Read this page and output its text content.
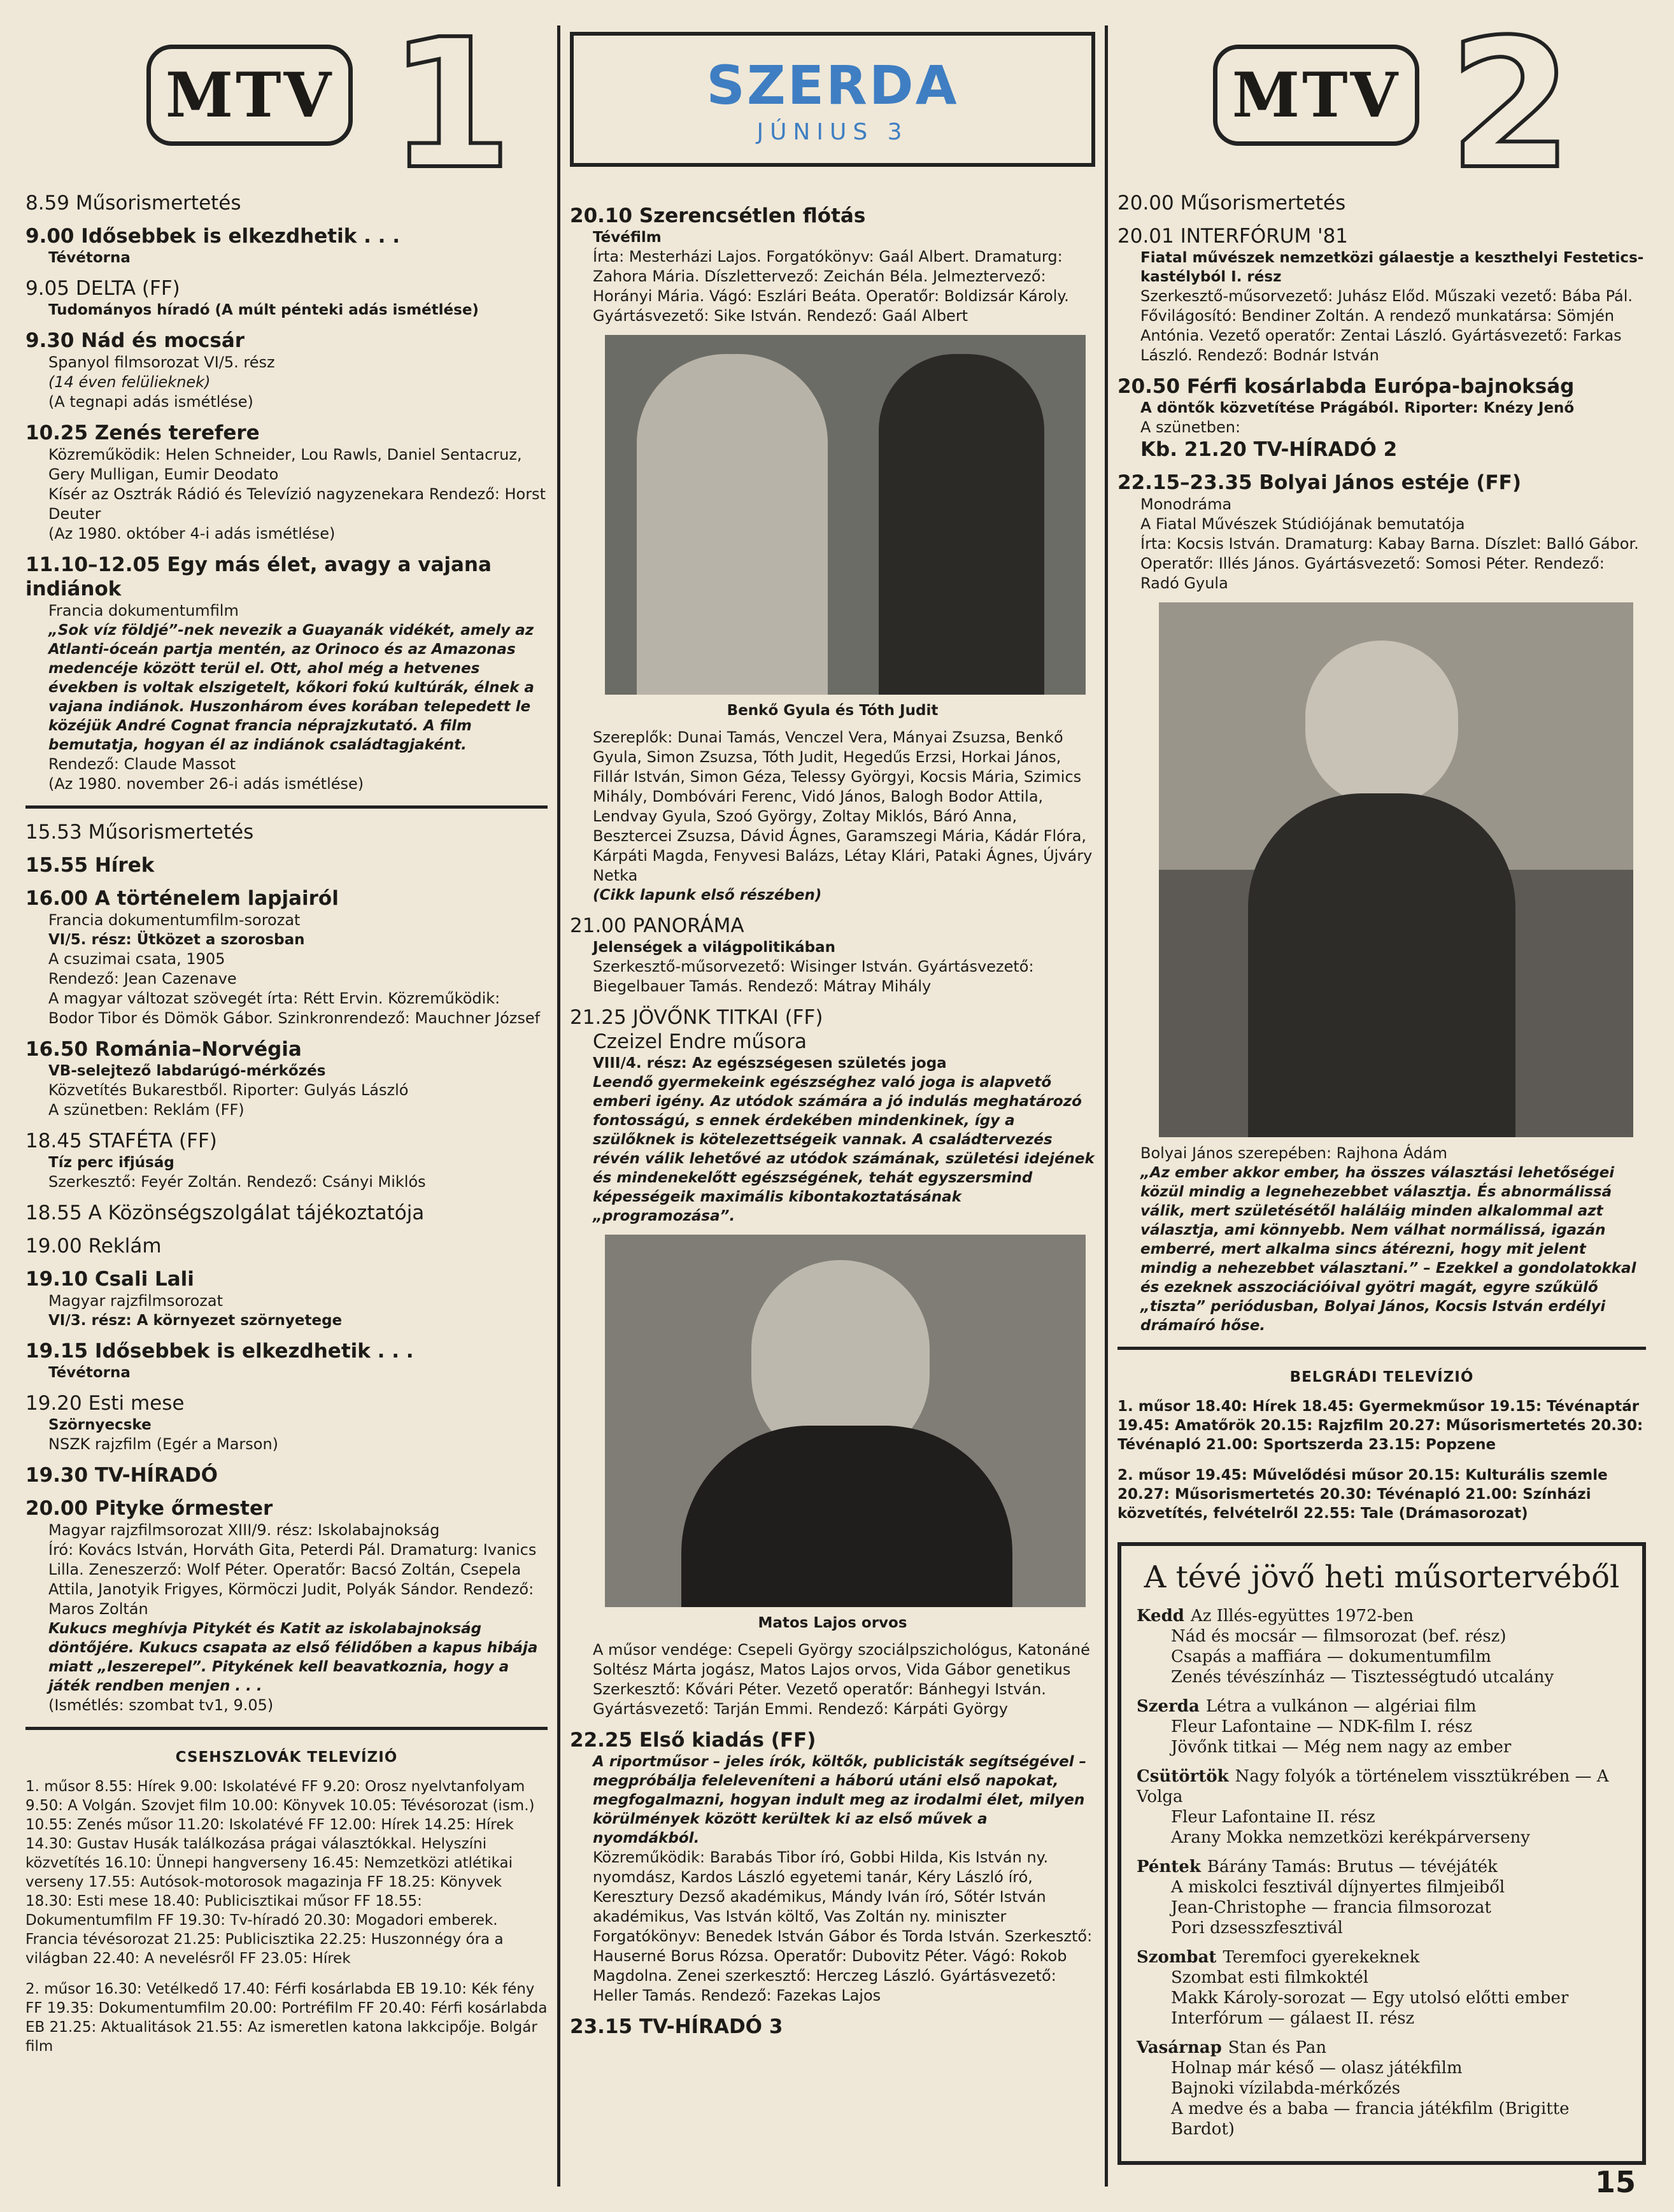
MTV 1
8.59 Műsorismertetés
9.00 Idősebbek is elkezdhetik . . .
Tévétorna
9.05 DELTA (FF)
Tudományos híradó (A múlt pénteki adás ismétlése)
9.30 Nád és mocsár
Spanyol filmsorozat VI/5. rész
(14 éven felülieknek)
(A tegnapi adás ismétlése)
10.25 Zenés terefere
Közreműködik: Helen Schneider, Lou Rawls, Daniel Sentacruz, Gery Mulligan, Eumir Deodato
Kísér az Osztrák Rádió és Televízió nagyzenekara Rendező: Horst Deuter
(Az 1980. október 4-i adás ismétlése)
11.10–12.05 Egy más élet, avagy a vajana indiánok
Francia dokumentumfilm
„Sok víz földjé”-nek nevezik a Guayanák vidékét, amely az Atlanti-óceán partja mentén, az Orinoco és az Amazonas medencéje között terül el. Ott, ahol még a hetvenes években is voltak elszigetelt, kőkori fokú kultúrák, élnek a vajana indiánok. Huszonhárom éves korában telepedett le közéjük André Cognat francia néprajzkutató. A film bemutatja, hogyan él az indiánok családtagjaként.
Rendező: Claude Massot
(Az 1980. november 26-i adás ismétlése)
15.53 Műsorismertetés
15.55 Hírek
16.00 A történelem lapjairól
Francia dokumentumfilm-sorozat
VI/5. rész: Ütközet a szorosban
A csuzimai csata, 1905
Rendező: Jean Cazenave
A magyar változat szövegét írta: Rétt Ervin. Közreműködik: Bodor Tibor és Dömök Gábor. Szinkronrendező: Mauchner József
16.50 Románia–Norvégia
VB-selejtező labdarúgó-mérkőzés
Közvetítés Bukarestből. Riporter: Gulyás László
A szünetben: Reklám (FF)
18.45 STAFÉTA (FF)
Tíz perc ifjúság
Szerkesztő: Feyér Zoltán. Rendező: Csányi Miklós
18.55 A Közönségszolgálat tájékoztatója
19.00 Reklám
19.10 Csali Lali
Magyar rajzfilmsorozat
VI/3. rész: A környezet szörnyetege
19.15 Idősebbek is elkezdhetik . . .
Tévétorna
19.20 Esti mese
Szörnyecske
NSZK rajzfilm (Egér a Marson)
19.30 TV-HÍRADÓ
20.00 Pityke őrmester
Magyar rajzfilmsorozat XIII/9. rész: Iskolabajnokság
Író: Kovács István, Horváth Gita, Peterdi Pál. Dramaturg: Ivanics Lilla. Zeneszerző: Wolf Péter. Operatőr: Bacsó Zoltán, Csepela Attila, Janotyik Frigyes, Körmöczi Judit, Polyák Sándor. Rendező: Maros Zoltán
Kukucs meghívja Pitykét és Katit az iskolabajnokság döntőjére. Kukucs csapata az első félidőben a kapus hibája miatt „leszerepel”. Pitykének kell beavatkoznia, hogy a játék rendben menjen . . .
(Ismétlés: szombat tv1, 9.05)
CSEHSZLOVÁK TELEVÍZIÓ
1. műsor 8.55: Hírek 9.00: Iskolatévé FF 9.20: Orosz nyelvtanfolyam 9.50: A Volgán. Szovjet film 10.00: Könyvek 10.05: Tévésorozat (ism.) 10.55: Zenés műsor 11.20: Iskolatévé FF 12.00: Hírek 14.25: Hírek 14.30: Gustav Husák találkozása prágai választókkal. Helyszíni közvetítés 16.10: Ünnepi hangverseny 16.45: Nemzetközi atlétikai verseny 17.55: Autósok-motorosok magazinja FF 18.25: Könyvek 18.30: Esti mese 18.40: Publicisztikai műsor FF 18.55: Dokumentumfilm FF 19.30: Tv-híradó 20.30: Mogadori emberek. Francia tévésorozat 21.25: Publicisztika 22.25: Huszonnégy óra a világban 22.40: A nevelésről FF 23.05: Hírek
2. műsor 16.30: Vetélkedő 17.40: Férfi kosárlabda EB 19.10: Kék fény FF 19.35: Dokumentumfilm 20.00: Portréfilm FF 20.40: Férfi kosárlabda EB 21.25: Aktualitások 21.55: Az ismeretlen katona lakkcipője. Bolgár film
SZERDA
JÚNIUS 3
20.10 Szerencsétlen flótás
Tévéfilm
Írta: Mesterházi Lajos. Forgatókönyv: Gaál Albert. Dramaturg: Zahora Mária. Díszlettervező: Zeichán Béla. Jelmeztervező: Horányi Mária. Vágó: Eszlári Beáta. Operatőr: Boldizsár Károly. Gyártásvezető: Sike István. Rendező: Gaál Albert
Benkő Gyula és Tóth Judit
Szereplők: Dunai Tamás, Venczel Vera, Mányai Zsuzsa, Benkő Gyula, Simon Zsuzsa, Tóth Judit, Hegedűs Erzsi, Horkai János, Fillár István, Simon Géza, Telessy Györgyi, Kocsis Mária, Szimics Mihály, Dombóvári Ferenc, Vidó János, Balogh Bodor Attila, Lendvay Gyula, Szoó György, Zoltay Miklós, Báró Anna, Besztercei Zsuzsa, Dávid Ágnes, Garamszegi Mária, Kádár Flóra, Kárpáti Magda, Fenyvesi Balázs, Létay Klári, Pataki Ágnes, Újváry Netka
(Cikk lapunk első részében)
21.00 PANORÁMA
Jelenségek a világpolitikában
Szerkesztő-műsorvezető: Wisinger István. Gyártásvezető: Biegelbauer Tamás. Rendező: Mátray Mihály
21.25 JÖVŐNK TITKAI (FF)
Czeizel Endre műsora
VIII/4. rész: Az egészségesen születés joga
Leendő gyermekeink egészséghez való joga is alapvető emberi igény. Az utódok számára a jó indulás meghatározó fontosságú, s ennek érdekében mindenkinek, így a szülőknek is kötelezettségeik vannak. A családtervezés révén válik lehetővé az utódok számának, születési idejének és mindenekelőtt egészségének, tehát egyszersmind képességeik maximális kibontakoztatásának „programozása”.
Matos Lajos orvos
A műsor vendége: Csepeli György szociálpszichológus, Katonáné Soltész Márta jogász, Matos Lajos orvos, Vida Gábor genetikus
Szerkesztő: Kővári Péter. Vezető operatőr: Bánhegyi István. Gyártásvezető: Tarján Emmi. Rendező: Kárpáti György
22.25 Első kiadás (FF)
A riportműsor – jeles írók, költők, publicisták segítségével – megpróbálja feleleveníteni a háború utáni első napokat, megfogalmazni, hogyan indult meg az irodalmi élet, milyen körülmények között kerültek ki az első művek a nyomdákból.
Közreműködik: Barabás Tibor író, Gobbi Hilda, Kis István ny. nyomdász, Kardos László egyetemi tanár, Kéry László író, Keresztury Dezső akadémikus, Mándy Iván író, Sőtér István akadémikus, Vas István költő, Vas Zoltán ny. miniszter
Forgatókönyv: Benedek István Gábor és Torda István. Szerkesztő: Hauserné Borus Rózsa. Operatőr: Dubovitz Péter. Vágó: Rokob Magdolna. Zenei szerkesztő: Herczeg László. Gyártásvezető: Heller Tamás. Rendező: Fazekas Lajos
23.15 TV-HÍRADÓ 3
MTV 2
20.00 Műsorismertetés
20.01 INTERFÓRUM '81
Fiatal művészek nemzetközi gálaestje a keszthelyi Festetics-kastélyból I. rész
Szerkesztő-műsorvezető: Juhász Előd. Műszaki vezető: Bába Pál. Fővilágosító: Bendiner Zoltán. A rendező munkatársa: Sömjén Antónia. Vezető operatőr: Zentai László. Gyártásvezető: Farkas László. Rendező: Bodnár István
20.50 Férfi kosárlabda Európa-bajnokság
A döntők közvetítése Prágából. Riporter: Knézy Jenő
A szünetben:
Kb. 21.20 TV-HÍRADÓ 2
22.15–23.35 Bolyai János estéje (FF)
Monodráma
A Fiatal Művészek Stúdiójának bemutatója
Írta: Kocsis István. Dramaturg: Kabay Barna. Díszlet: Balló Gábor. Operatőr: Illés János. Gyártásvezető: Somosi Péter. Rendező: Radó Gyula
Bolyai János szerepében: Rajhona Ádám
„Az ember akkor ember, ha összes választási lehetőségei közül mindig a legnehezebbet választja. És abnormálissá válik, mert születésétől haláláig minden alkalommal azt választja, ami könnyebb. Nem válhat normálissá, igazán emberré, mert alkalma sincs átérezni, hogy mit jelent mindig a nehezebbet választani.” – Ezekkel a gondolatokkal és ezeknek asszociációival gyötri magát, egyre szűkülő „tiszta” periódusban, Bolyai János, Kocsis István erdélyi drámaíró hőse.
BELGRÁDI TELEVÍZIÓ
1. műsor 18.40: Hírek 18.45: Gyermekműsor 19.15: Tévénaptár 19.45: Amatőrök 20.15: Rajzfilm 20.27: Műsorismertetés 20.30: Tévénapló 21.00: Sportszerda 23.15: Popzene
2. műsor 19.45: Művelődési műsor 20.15: Kulturális szemle 20.27: Műsorismertetés 20.30: Tévénapló 21.00: Színházi közvetítés, felvételről 22.55: Tale (Drámasorozat)
A tévé jövő heti műsortervéből
Kedd Az Illés-együttes 1972-ben
Nád és mocsár — filmsorozat (bef. rész)
Csapás a maffiára — dokumentumfilm
Zenés tévészínház — Tisztességtudó utcalány
Szerda Létra a vulkánon — algériai film
Fleur Lafontaine — NDK-film I. rész
Jövőnk titkai — Még nem nagy az ember
Csütörtök Nagy folyók a történelem vissztükrében — A Volga
Fleur Lafontaine II. rész
Arany Mokka nemzetközi kerékpárverseny
Péntek Bárány Tamás: Brutus — tévéjáték
A miskolci fesztivál díjnyertes filmjeiből
Jean-Christophe — francia filmsorozat
Pori dzsesszfesztivál
Szombat Teremfoci gyerekeknek
Szombat esti filmkoktél
Makk Károly-sorozat — Egy utolsó előtti ember
Interfórum — gálaest II. rész
Vasárnap Stan és Pan
Holnap már késő — olasz játékfilm
Bajnoki vízilabda-mérkőzés
A medve és a baba — francia játékfilm (Brigitte Bardot)
15
